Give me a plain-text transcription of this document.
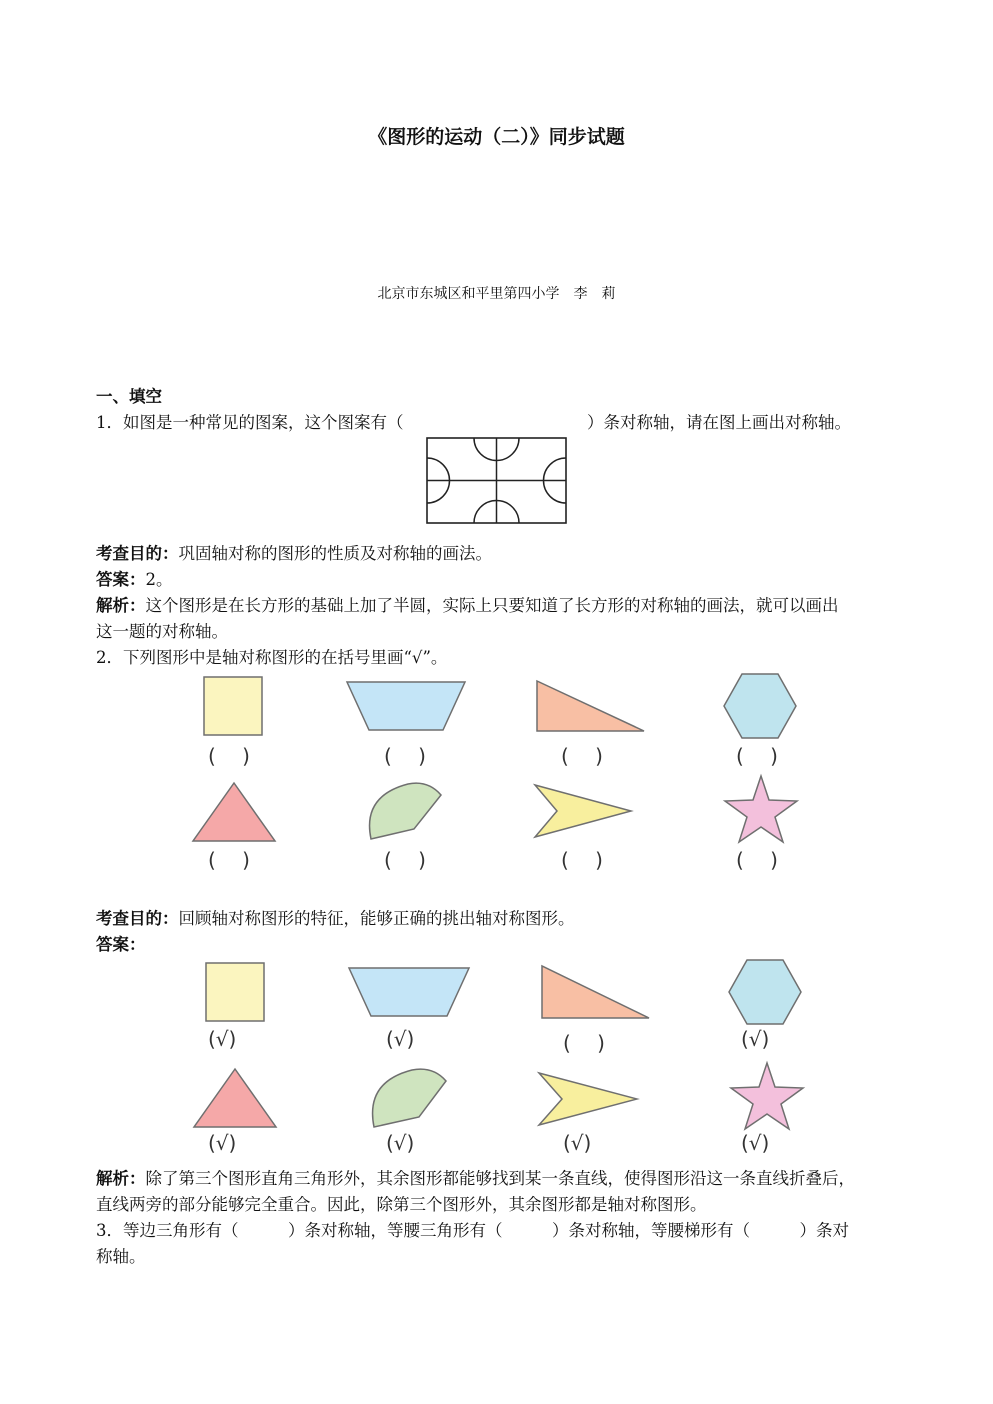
《图形的运动（二）》同步试题
北京市东城区和平里第四小学　李　莉
一、填空
1．如图是一种常见的图案，这个图案有（	）条对称轴，请在图上画出对称轴。
考查目的：巩固轴对称的图形的性质及对称轴的画法。
答案：2。
解析：这个图形是在长方形的基础上加了半圆，实际上只要知道了长方形的对称轴的画法，就可以画出
这一题的对称轴。
2．下列图形中是轴对称图形的在括号里画“√”。
(　 )	(　 )	(　 )	(　 )
(　 )	(　 )	(　 )	(　 )
考查目的：回顾轴对称图形的特征，能够正确的挑出轴对称图形。
答案：
(√)	(√)	(　 )	(√)
(√)	(√)	(√)	(√)
解析：除了第三个图形直角三角形外，其余图形都能够找到某一条直线，使得图形沿这一条直线折叠后，
直线两旁的部分能够完全重合。因此，除第三个图形外，其余图形都是轴对称图形。
3．等边三角形有（　　　）条对称轴，等腰三角形有（　　　）条对称轴，等腰梯形有（　　　）条对
称轴。
